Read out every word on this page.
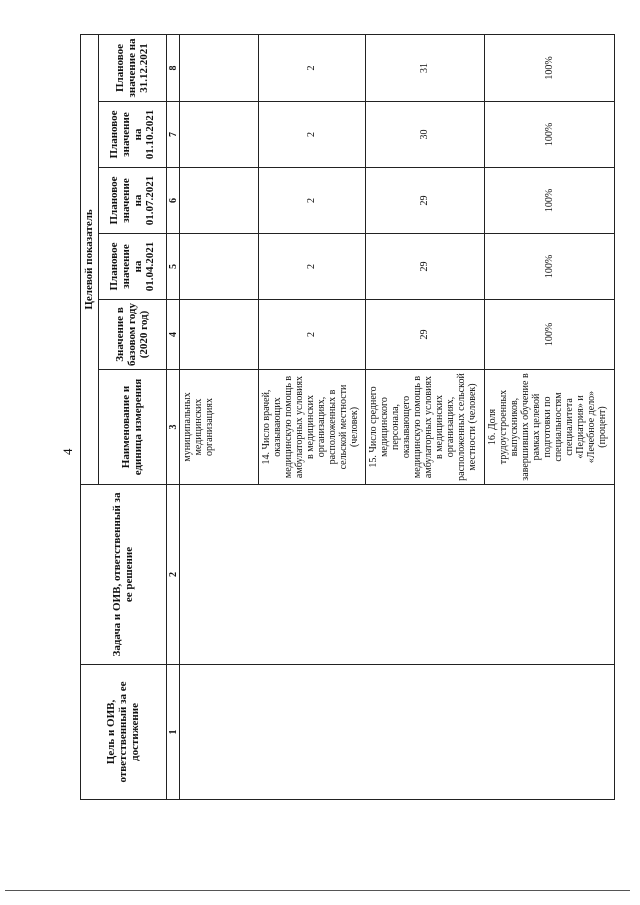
4
Цель и ОИВ, ответственный за ее достижение	Задача и ОИВ, ответственный за ее решение	Целевой показатель					
		Наименование и единица измерения	Значение в базовом году (2020 год)	Плановое значение на 01.04.2021	Плановое значение на 01.07.2021	Плановое значение на 01.10.2021	Плановое значение на 31.12.2021
1	2	3	4	5	6	7	8
		муниципальных медицинских организациях					
		14. Число врачей, оказывающих медицинскую помощь в амбулаторных условиях в медицинских организациях, расположенных в сельской местности (человек)	2	2	2	2	2
		15. Число среднего медицинского персонала, оказывающего медицинскую помощь в амбулаторных условиях в медицинских организациях, расположенных сельской местности (человек)	29	29	29	30	31
		16. Доля трудоустроенных выпускников, завершивших обучение в рамках целевой подготовки по специальностям специалитета «Педиатрия» и «Лечебное дело» (процент)	100%	100%	100%	100%	100%
